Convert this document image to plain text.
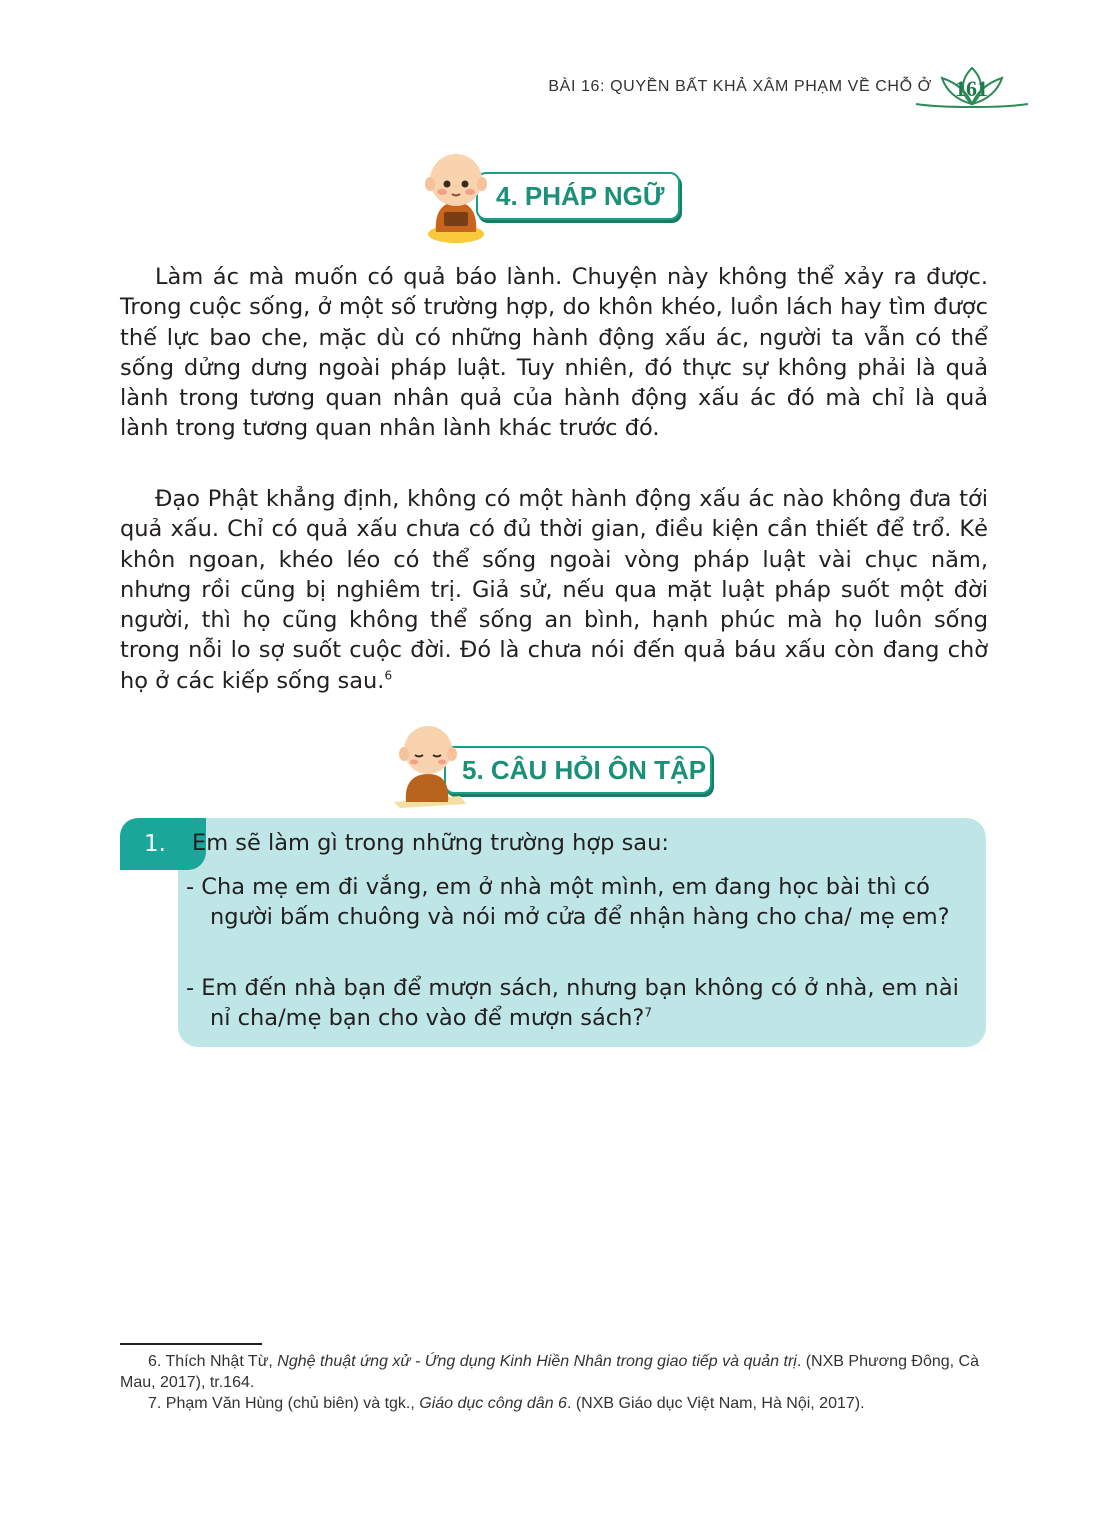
BÀI 16: QUYỀN BẤT KHẢ XÂM PHẠM VỀ CHỖ Ở 161
4. PHÁP NGỮ

Làm ác mà muốn có quả báo lành. Chuyện này không thể xảy ra được. Trong cuộc sống, ở một số trường hợp, do khôn khéo, luồn lách hay tìm được thế lực bao che, mặc dù có những hành động xấu ác, người ta vẫn có thể sống dửng dưng ngoài pháp luật. Tuy nhiên, đó thực sự không phải là quả lành trong tương quan nhân quả của hành động xấu ác đó mà chỉ là quả lành trong tương quan nhân lành khác trước đó.

Đạo Phật khẳng định, không có một hành động xấu ác nào không đưa tới quả xấu. Chỉ có quả xấu chưa có đủ thời gian, điều kiện cần thiết để trổ. Kẻ khôn ngoan, khéo léo có thể sống ngoài vòng pháp luật vài chục năm, nhưng rồi cũng bị nghiêm trị. Giả sử, nếu qua mặt luật pháp suốt một đời người, thì họ cũng không thể sống an bình, hạnh phúc mà họ luôn sống trong nỗi lo sợ suốt cuộc đời. Đó là chưa nói đến quả báu xấu còn đang chờ họ ở các kiếp sống sau.$^6$

5. CÂU HỎI ÔN TẬP
1.	Em sẽ làm gì trong những trường hợp sau:
- Cha mẹ em đi vắng, em ở nhà một mình, em đang học bài thì có người bấm chuông và nói mở cửa để nhận hàng cho cha/ mẹ em?
- Em đến nhà bạn để mượn sách, nhưng bạn không có ở nhà, em nài nỉ cha/mẹ bạn cho vào để mượn sách?$^7$

6. Thích Nhật Từ, Nghệ thuật ứng xử - Ứng dụng Kinh Hiền Nhân trong giao tiếp và quản trị. (NXB Phương Đông, Cà Mau, 2017), tr.164.

7. Phạm Văn Hùng (chủ biên) và tgk., Giáo dục công dân 6. (NXB Giáo dục Việt Nam, Hà Nội, 2017).
